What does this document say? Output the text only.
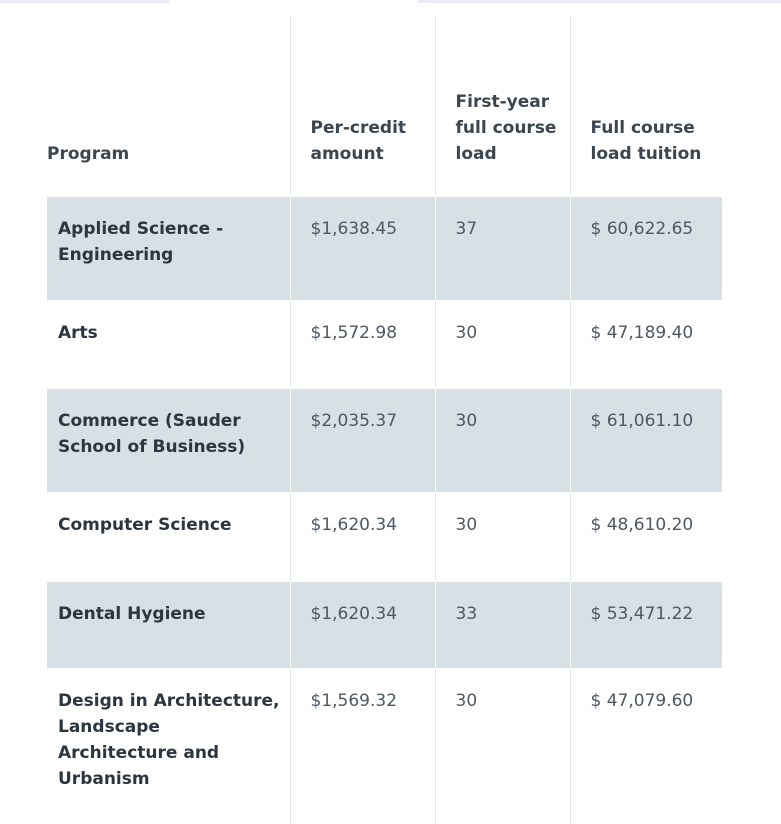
Program	Per-credit amount	First-year full course load	Full course load tuition
Applied Science - Engineering	$1,638.45	37	$ 60,622.65
Arts	$1,572.98	30	$ 47,189.40
Commerce (Sauder School of Business)	$2,035.37	30	$ 61,061.10
Computer Science	$1,620.34	30	$ 48,610.20
Dental Hygiene	$1,620.34	33	$ 53,471.22
Design in Architecture, Landscape Architecture and Urbanism	$1,569.32	30	$ 47,079.60
